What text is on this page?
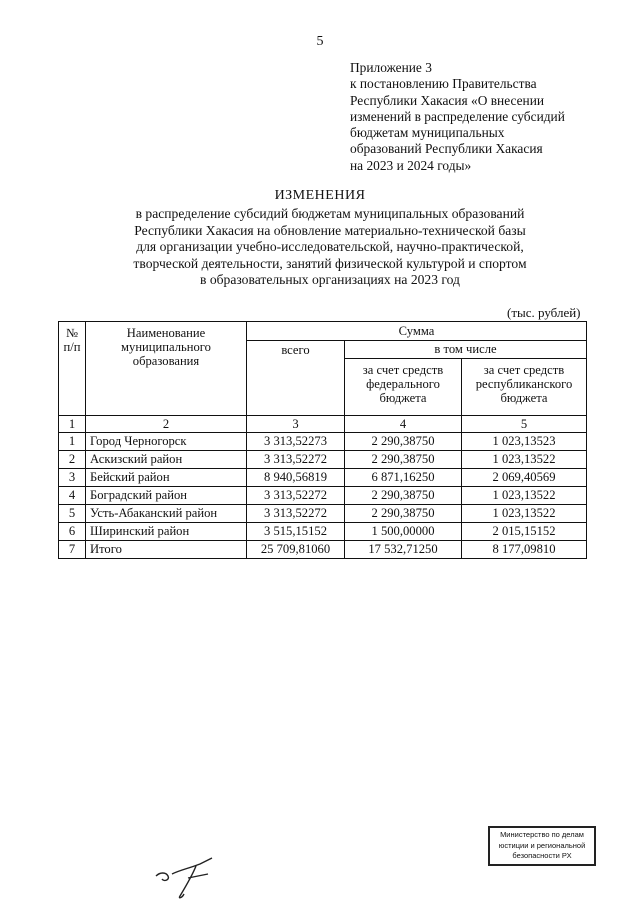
5
Приложение 3
к постановлению Правительства
Республики Хакасия «О внесении
изменений в распределение субсидий
бюджетам муниципальных
образований Республики Хакасия
на 2023 и 2024 годы»
ИЗМЕНЕНИЯ
в распределение субсидий бюджетам муниципальных образований
Республики Хакасия на обновление материально-технической базы
для организации учебно-исследовательской, научно-практической,
творческой деятельности, занятий физической культурой и спортом
в образовательных организациях на 2023 год
(тыс. рублей)
№ п/п	Наименование муниципального образования	Сумма		
		всего	в том числе	
			за счет средств федерального бюджета	за счет средств республиканского бюджета
1	2	3	4	5
1	Город Черногорск	3 313,52273	2 290,38750	1 023,13523
2	Аскизский район	3 313,52272	2 290,38750	1 023,13522
3	Бейский район	8 940,56819	6 871,16250	2 069,40569
4	Боградский район	3 313,52272	2 290,38750	1 023,13522
5	Усть-Абаканский район	3 313,52272	2 290,38750	1 023,13522
6	Ширинский район	3 515,15152	1 500,00000	2 015,15152
7	Итого	25 709,81060	17 532,71250	8 177,09810
Министерство по делам
юстиции и региональной
безопасности РХ
